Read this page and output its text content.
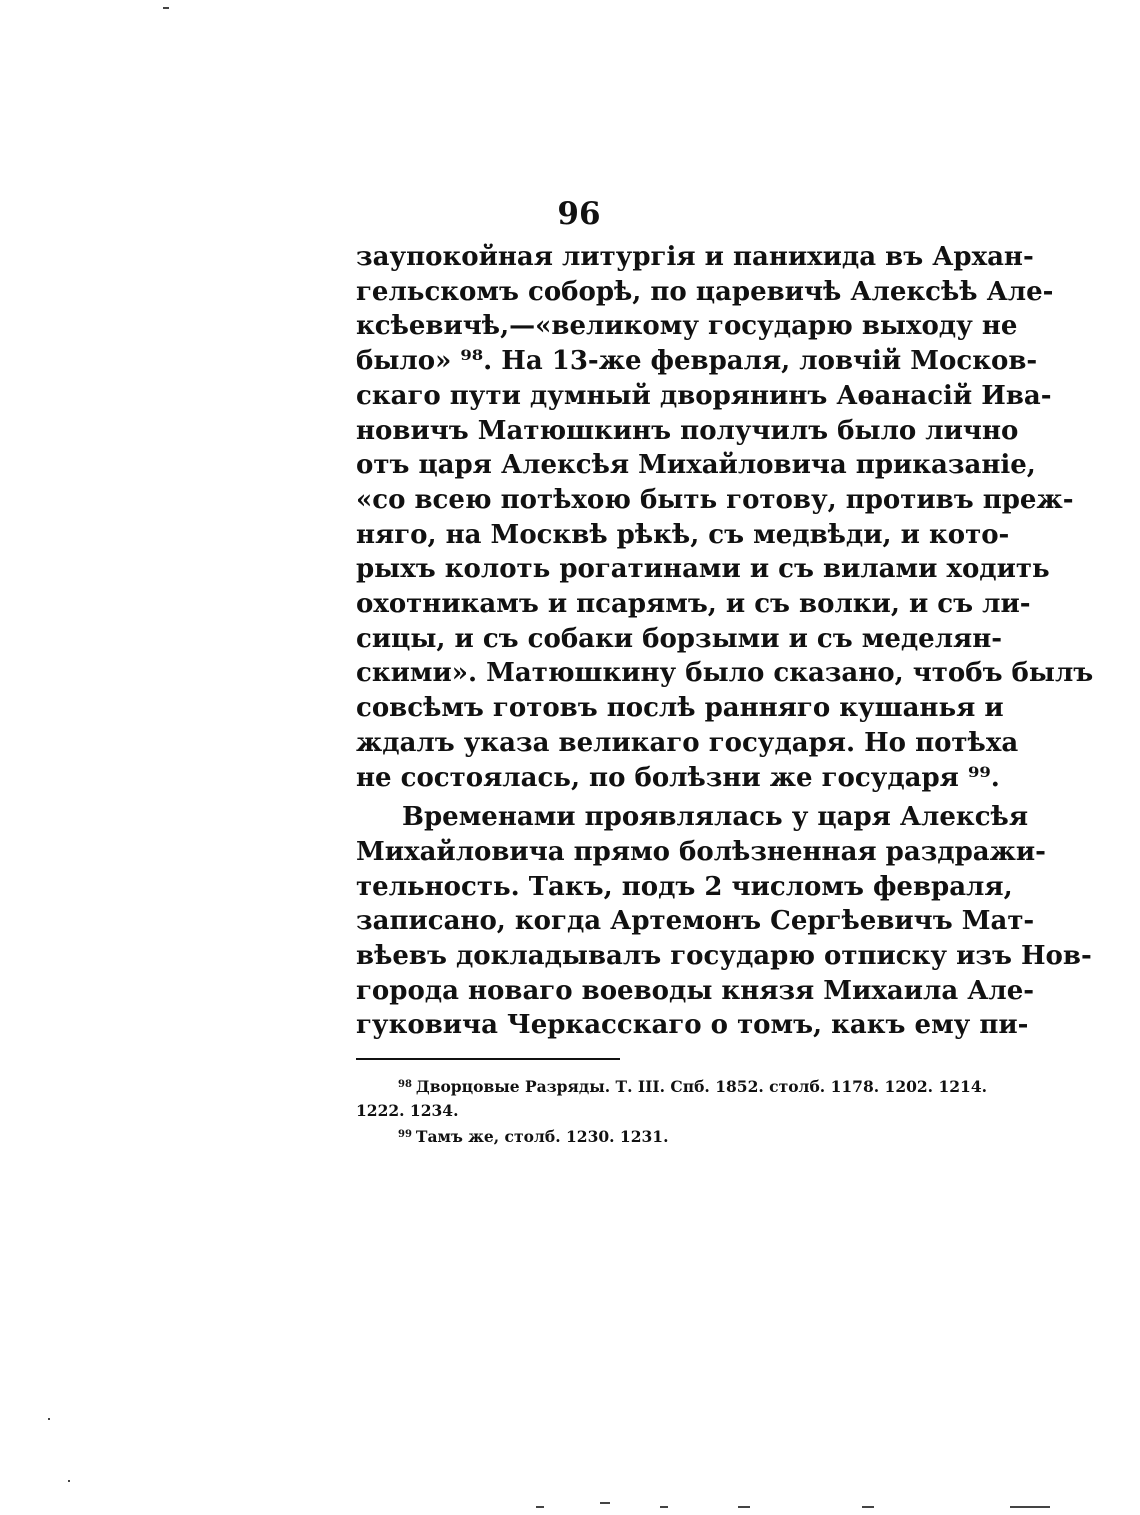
96
заупокойная литургія и панихида въ Архан-
гельскомъ соборѣ, по царевичѣ Алексѣѣ Але-
ксѣевичѣ,—«великому государю выходу не
было» ⁹⁸. На 13-же февраля, ловчій Москов-
скаго пути думный дворянинъ Аѳанасій Ива-
новичъ Матюшкинъ получилъ было лично
отъ царя Алексѣя Михайловича приказаніе,
«со всею потѣхою быть готову, противъ преж-
няго, на Москвѣ рѣкѣ, съ медвѣди, и кото-
рыхъ колоть рогатинами и съ вилами ходить
охотникамъ и псарямъ, и съ волки, и съ ли-
сицы, и съ собаки борзыми и съ меделян-
скими». Матюшкину было сказано, чтобъ былъ
совсѣмъ готовъ послѣ ранняго кушанья и
ждалъ указа великаго государя. Но потѣха
не состоялась, по болѣзни же государя ⁹⁹.
Временами проявлялась у царя Алексѣя
Михайловича прямо болѣзненная раздражи-
тельность. Такъ, подъ 2 числомъ февраля,
записано, когда Артемонъ Сергѣевичъ Мат-
вѣевъ докладывалъ государю отписку изъ Нов-
города новаго воеводы князя Михаила Але-
гуковича Черкасскаго о томъ, какъ ему пи-
$^{98}$ Дворцовые Разряды. Т. III. Спб. 1852. столб. 1178. 1202. 1214.
1222. 1234.
$^{99}$ Тамъ же, столб. 1230. 1231.
